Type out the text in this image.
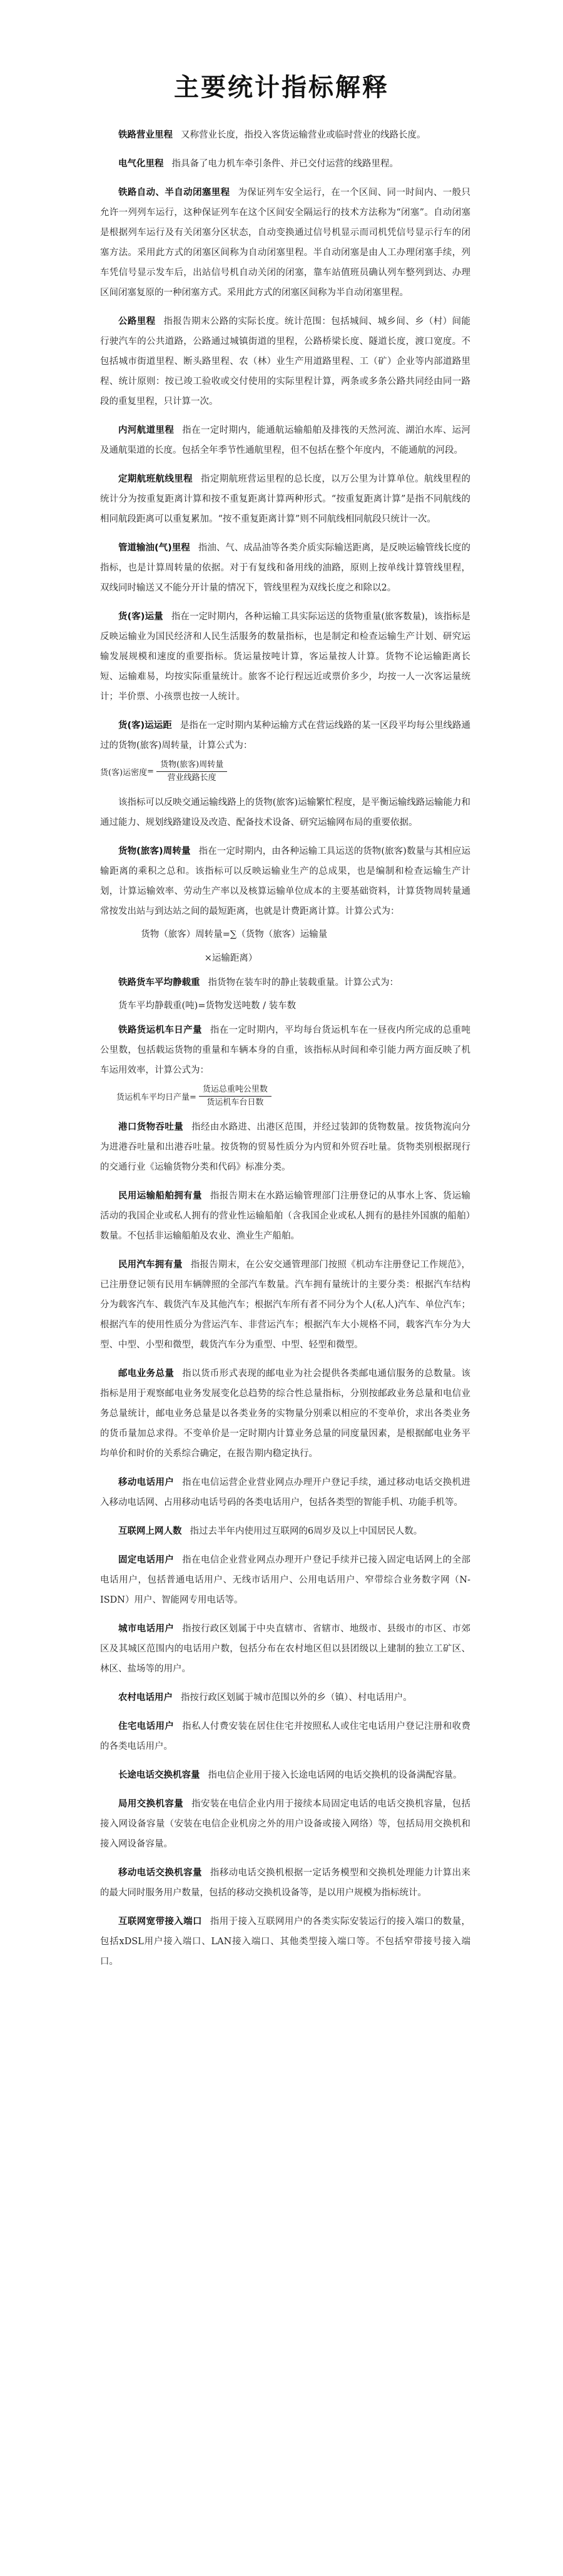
主要统计指标解释

铁路营业里程 又称营业长度，指投入客货运输营业或临时营业的线路长度。

电气化里程 指具备了电力机车牵引条件、并已交付运营的线路里程。

铁路自动、半自动闭塞里程 为保证列车安全运行，在一个区间、同一时间内、一般只允许一列列车运行，这种保证列车在这个区间安全隔运行的技术方法称为“闭塞”。自动闭塞是根据列车运行及有关闭塞分区状态，自动变换通过信号机显示而司机凭信号显示行车的闭塞方法。采用此方式的闭塞区间称为自动闭塞里程。半自动闭塞是由人工办理闭塞手续，列车凭信号显示发车后，出站信号机自动关闭的闭塞，靠车站值班员确认列车整列到达、办理区间闭塞复原的一种闭塞方式。采用此方式的闭塞区间称为半自动闭塞里程。

公路里程 指报告期末公路的实际长度。统计范围：包括城间、城乡间、乡（村）间能行驶汽车的公共道路，公路通过城镇街道的里程，公路桥梁长度、隧道长度，渡口宽度。不包括城市街道里程、断头路里程、农（林）业生产用道路里程、工（矿）企业等内部道路里程、统计原则：按已竣工验收或交付使用的实际里程计算，两条或多条公路共同经由同一路段的重复里程，只计算一次。

内河航道里程 指在一定时期内，能通航运输船舶及排筏的天然河流、湖泊水库、运河及通航渠道的长度。包括全年季节性通航里程，但不包括在整个年度内，不能通航的河段。

定期航班航线里程 指定期航班营运里程的总长度，以万公里为计算单位。航线里程的统计分为按重复距离计算和按不重复距离计算两种形式。“按重复距离计算”是指不同航线的相同航段距离可以重复累加。“按不重复距离计算”则不同航线相同航段只统计一次。

管道输油(气)里程 指油、气、成品油等各类介质实际输送距离，是反映运输管线长度的指标，也是计算周转量的依据。对于有复线和备用线的油路，原则上按单线计算管线里程，双线同时输送又不能分开计量的情况下，管线里程为双线长度之和除以2。

货(客)运量 指在一定时期内，各种运输工具实际运送的货物重量(旅客数量)，该指标是反映运输业为国民经济和人民生活服务的数量指标，也是制定和检查运输生产计划、研究运输发展规模和速度的重要指标。货运量按吨计算，客运量按人计算。货物不论运输距离长短、运输难易，均按实际重量统计。旅客不论行程远近或票价多少，均按一人一次客运量统计；半价票、小孩票也按一人统计。

货(客)运运距 是指在一定时期内某种运输方式在营运线路的某一区段平均每公里线路通过的货物(旅客)周转量，计算公式为：

货(客)运密度 = $\frac{\text{货物(旅客)周转量}}{\text{营业线路长度}}$

该指标可以反映交通运输线路上的货物(旅客)运输繁忙程度，是平衡运输线路运输能力和通过能力、规划线路建设及改造、配备技术设备、研究运输网布局的重要依据。

货物(旅客)周转量 指在一定时期内，由各种运输工具运送的货物(旅客)数量与其相应运输距离的乘积之总和。该指标可以反映运输业生产的总成果，也是编制和检查运输生产计划，计算运输效率、劳动生产率以及核算运输单位成本的主要基础资料，计算货物周转量通常按发出站与到达站之间的最短距离，也就是计费距离计算。计算公式为：

货物（旅客）周转量=∑（货物（旅客）运输量

×运输距离）

铁路货车平均静载重 指货物在装车时的静止装载重量。计算公式为：

货车平均静载重(吨)=货物发送吨数 / 装车数

铁路货运机车日产量 指在一定时期内，平均每台货运机车在一昼夜内所完成的总重吨公里数，包括载运货物的重量和车辆本身的自重，该指标从时间和牵引能力两方面反映了机车运用效率，计算公式为：

货运机车平均日产量= $\frac{\text{货运总重吨公里数}}{\text{货运机车台日数}}$

港口货物吞吐量 指经由水路进、出港区范围，并经过装卸的货物数量。按货物流向分为进港吞吐量和出港吞吐量。按货物的贸易性质分为内贸和外贸吞吐量。货物类别根据现行的交通行业《运输货物分类和代码》标准分类。

民用运输船舶拥有量 指报告期末在水路运输管理部门注册登记的从事水上客、货运输活动的我国企业或私人拥有的营业性运输船舶（含我国企业或私人拥有的悬挂外国旗的船舶）数量。不包括非运输船舶及农业、渔业生产船舶。

民用汽车拥有量 指报告期末，在公安交通管理部门按照《机动车注册登记工作规范》，已注册登记领有民用车辆牌照的全部汽车数量。汽车拥有量统计的主要分类：根据汽车结构分为载客汽车、载货汽车及其他汽车；根据汽车所有者不同分为个人(私人)汽车、单位汽车；根据汽车的使用性质分为营运汽车、非营运汽车；根据汽车大小规格不同，载客汽车分为大型、中型、小型和微型，载货汽车分为重型、中型、轻型和微型。

邮电业务总量 指以货币形式表现的邮电业为社会提供各类邮电通信服务的总数量。该指标是用于观察邮电业务发展变化总趋势的综合性总量指标，分别按邮政业务总量和电信业务总量统计，邮电业务总量是以各类业务的实物量分别乘以相应的不变单价，求出各类业务的货币量加总求得。不变单价是一定时期内计算业务总量的同度量因素，是根据邮电业务平均单价和时价的关系综合确定，在报告期内稳定执行。

移动电话用户 指在电信运营企业营业网点办理开户登记手续，通过移动电话交换机进入移动电话网、占用移动电话号码的各类电话用户，包括各类型的智能手机、功能手机等。

互联网上网人数 指过去半年内使用过互联网的6周岁及以上中国居民人数。

固定电话用户 指在电信企业营业网点办理开户登记手续并已接入固定电话网上的全部电话用户，包括普通电话用户、无线市话用户、公用电话用户、窄带综合业务数字网（N-ISDN）用户、智能网专用电话等。

城市电话用户 指按行政区划属于中央直辖市、省辖市、地级市、县级市的市区、市郊区及其城区范围内的电话用户数，包括分布在农村地区但以县团级以上建制的独立工矿区、林区、盐场等的用户。

农村电话用户 指按行政区划属于城市范围以外的乡（镇）、村电话用户。

住宅电话用户 指私人付费安装在居住住宅并按照私人或住宅电话用户登记注册和收费的各类电话用户。

长途电话交换机容量 指电信企业用于接入长途电话网的电话交换机的设备满配容量。

局用交换机容量 指安装在电信企业内用于接续本局固定电话的电话交换机容量，包括接入网设备容量（安装在电信企业机房之外的用户设备或接入网络）等，包括局用交换机和接入网设备容量。

移动电话交换机容量 指移动电话交换机根据一定话务模型和交换机处理能力计算出来的最大同时服务用户数量，包括的移动交换机设备等，是以用户规模为指标统计。

互联网宽带接入端口 指用于接入互联网用户的各类实际安装运行的接入端口的数量，包括xDSL用户接入端口、LAN接入端口、其他类型接入端口等。不包括窄带接号接入端口。
